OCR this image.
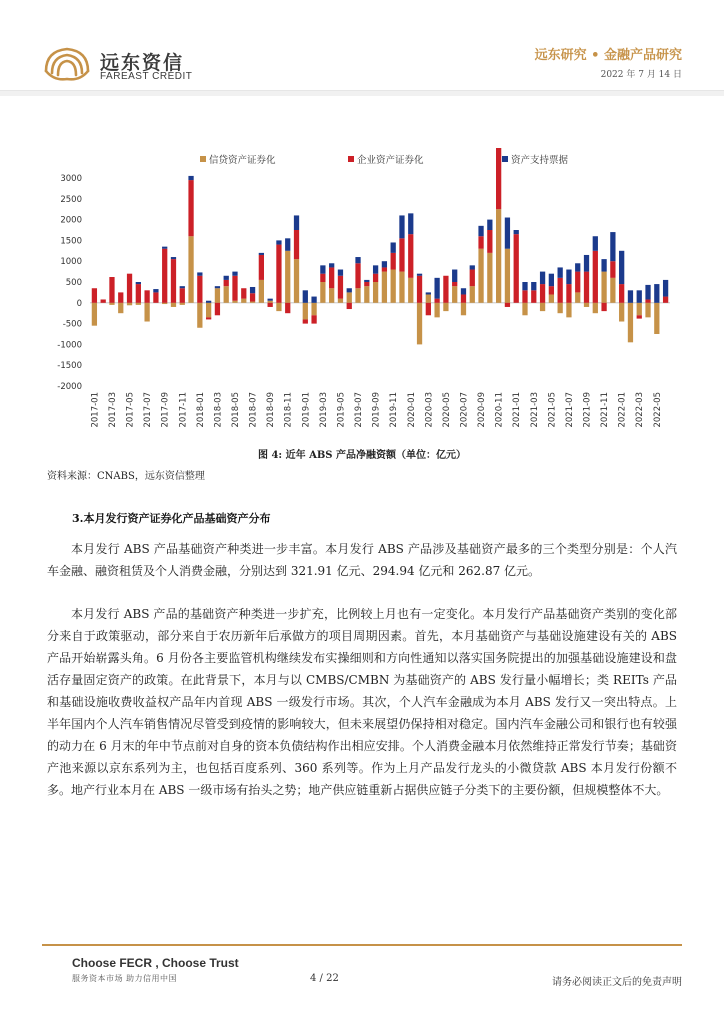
远东资信
FAREAST CREDIT
远东研究 • 金融产品研究
2022 年 7 月 14 日
信贷资产证券化	企业资产证券化	资产支持票据
3000
2500
2000
1500
1000
500
0
-500
-1000
-1500
-2000
2017-01 2017-03 2017-05 2017-07 2017-09 2017-11 2018-01 2018-03 2018-05 2018-07 2018-09 2018-11 2019-01 2019-03 2019-05 2019-07 2019-09 2019-11 2020-01 2020-03 2020-05 2020-07 2020-09 2020-11 2021-01 2021-03 2021-05 2021-07 2021-09 2021-11 2022-01 2022-03 2022-05
图 4: 近年 ABS 产品净融资额（单位：亿元）
资料来源：CNABS，远东资信整理
3.本月发行资产证券化产品基础资产分布
本月发行 ABS 产品基础资产种类进一步丰富。本月发行 ABS 产品涉及基础资产最多的三个类型分别是：个人汽车金融、融资租赁及个人消费金融，分别达到 321.91 亿元、294.94 亿元和 262.87 亿元。
本月发行 ABS 产品的基础资产种类进一步扩充，比例较上月也有一定变化。本月发行产品基础资产类别的变化部分来自于政策驱动，部分来自于农历新年后承做方的项目周期因素。首先，本月基础资产与基础设施建设有关的 ABS 产品开始崭露头角。6 月份各主要监管机构继续发布实操细则和方向性通知以落实国务院提出的加强基础设施建设和盘活存量固定资产的政策。在此背景下，本月与以 CMBS/CMBN 为基础资产的 ABS 发行量小幅增长；类 REITs 产品和基础设施收费收益权产品年内首现 ABS 一级发行市场。其次，个人汽车金融成为本月 ABS 发行又一突出特点。上半年国内个人汽车销售情况尽管受到疫情的影响较大，但未来展望仍保持相对稳定。国内汽车金融公司和银行也有较强的动力在 6 月末的年中节点前对自身的资本负债结构作出相应安排。个人消费金融本月依然维持正常发行节奏；基础资产池来源以京东系列为主，也包括百度系列、360 系列等。作为上月产品发行龙头的小微贷款 ABS 本月发行份额不多。地产行业本月在 ABS 一级市场有抬头之势；地产供应链重新占据供应链子分类下的主要份额，但规模整体不大。
Choose FECR , Choose Trust
服务资本市场 助力信用中国	4 / 22	请务必阅读正文后的免责声明
